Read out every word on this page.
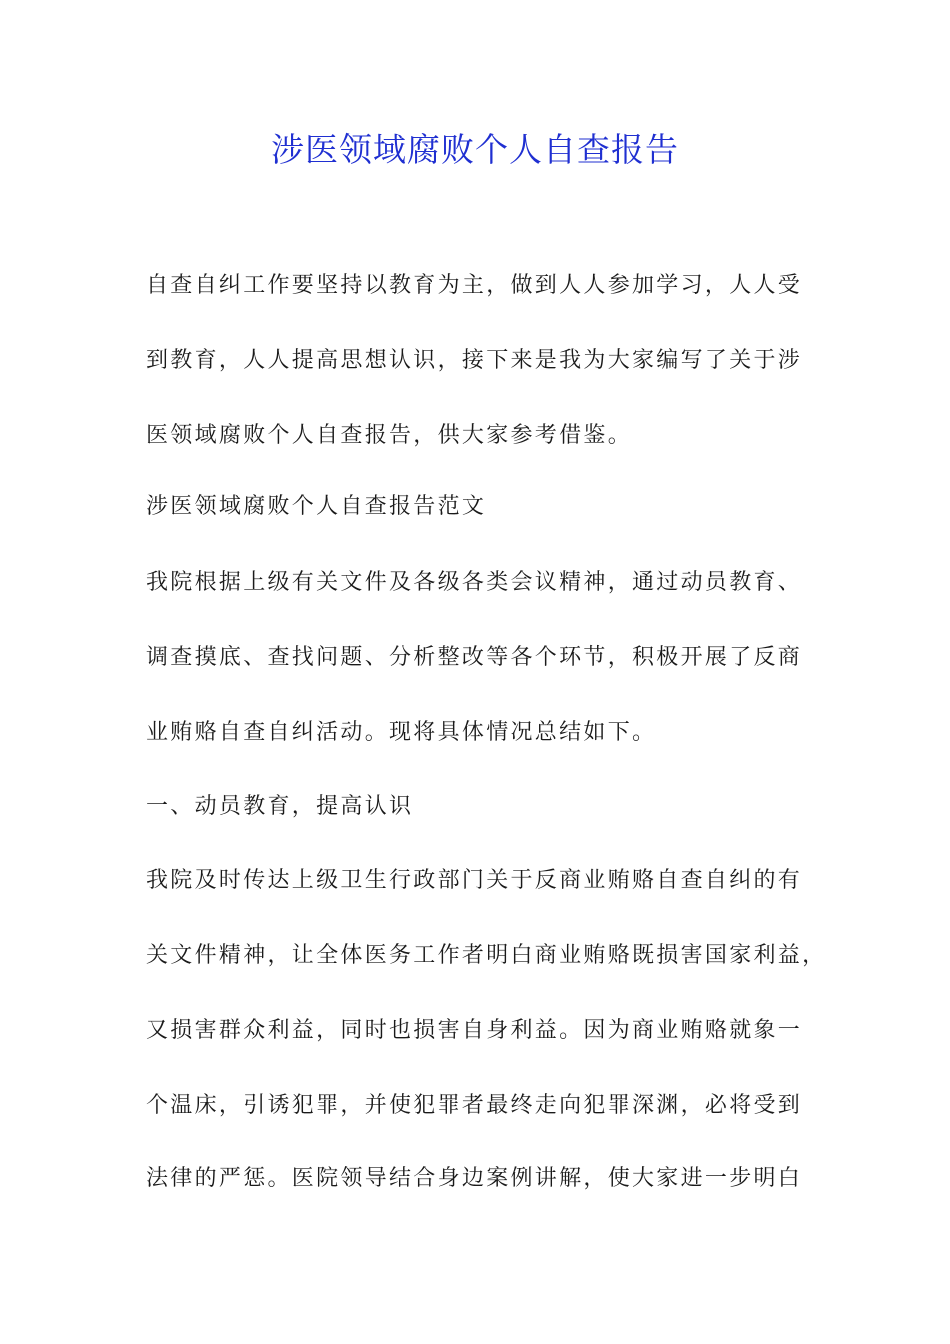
涉医领域腐败个人自查报告

自查自纠工作要坚持以教育为主，做到人人参加学习，人人受

到教育，人人提高思想认识，接下来是我为大家编写了关于涉

医领域腐败个人自查报告，供大家参考借鉴。

涉医领域腐败个人自查报告范文

我院根据上级有关文件及各级各类会议精神，通过动员教育、

调查摸底、查找问题、分析整改等各个环节，积极开展了反商

业贿赂自查自纠活动。现将具体情况总结如下。

一、动员教育，提高认识

我院及时传达上级卫生行政部门关于反商业贿赂自查自纠的有

关文件精神，让全体医务工作者明白商业贿赂既损害国家利益，

又损害群众利益，同时也损害自身利益。因为商业贿赂就象一

个温床，引诱犯罪，并使犯罪者最终走向犯罪深渊，必将受到

法律的严惩。医院领导结合身边案例讲解，使大家进一步明白
